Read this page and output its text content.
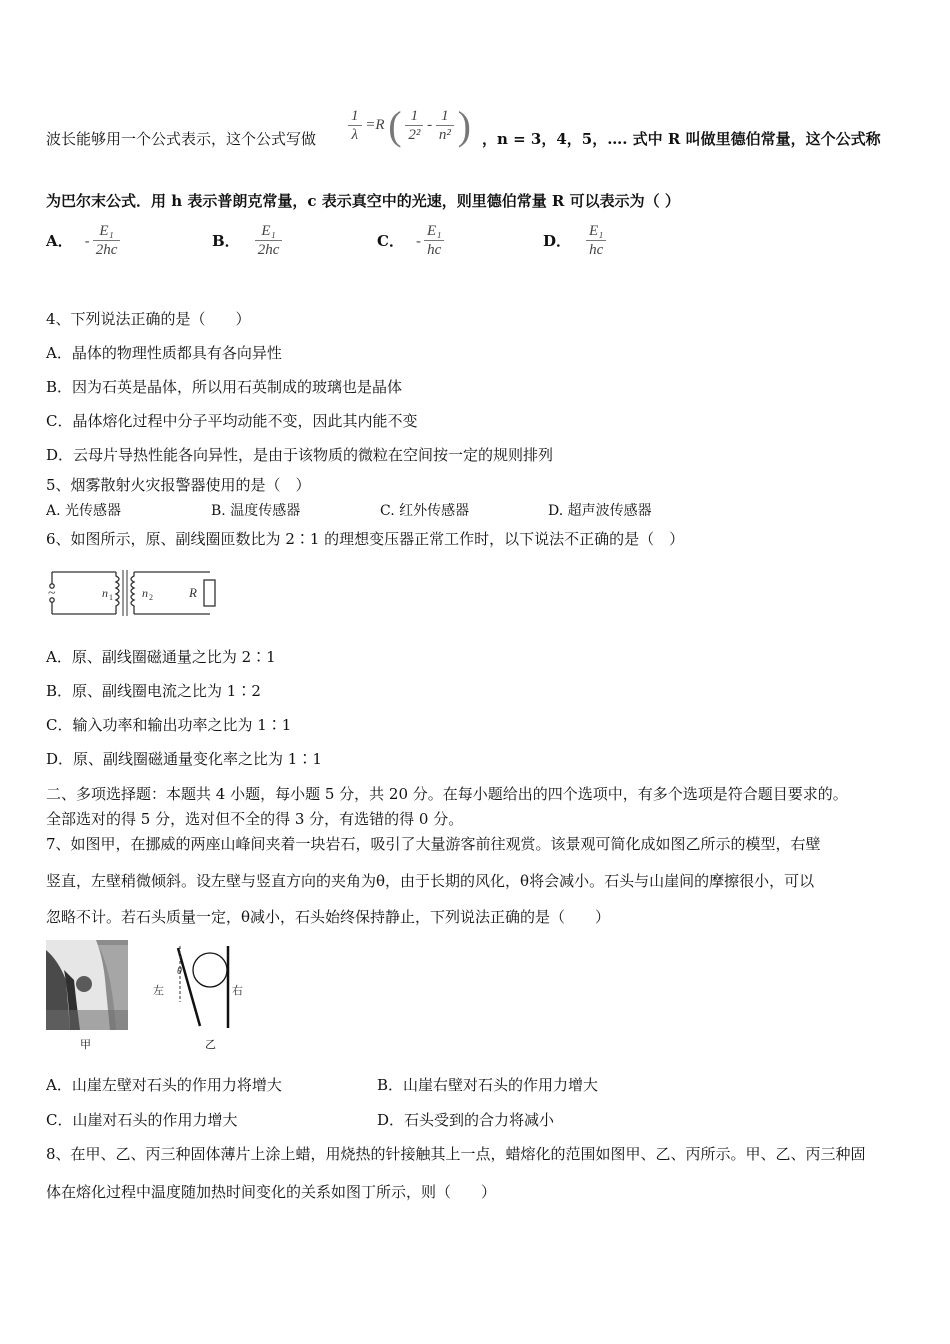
波长能够用一个公式表示，这个公式写做 $\frac{1}{\lambda} =R$ ( $\frac{1}{\text{2²}} - \frac{1}{\text{n²}}$ ) ，n = 3，4，5，…. 式中 R 叫做里德伯常量，这个公式称
为巴尔末公式．用 h 表示普朗克常量，c 表示真空中的光速，则里德伯常量 R 可以表示为（ ）
A． - $\frac{\text{E₁}}{2hc}$	B． $\frac{\text{E₁}}{2hc}$	C． - $\frac{\text{E₁}}{hc}$	D． $\frac{\text{E₁}}{hc}$
4、下列说法正确的是（　　）
A．晶体的物理性质都具有各向异性
B．因为石英是晶体，所以用石英制成的玻璃也是晶体
C．晶体熔化过程中分子平均动能不变，因此其内能不变
D．云母片导热性能各向异性，是由于该物质的微粒在空间按一定的规则排列
5、烟雾散射火灾报警器使用的是（　）
A. 光传感器	B. 温度传感器	C. 红外传感器	D. 超声波传感器
6、如图所示，原、副线圈匝数比为 2∶1 的理想变压器正常工作时，以下说法不正确的是（　）
~	n 1 n 2	R
A．原、副线圈磁通量之比为 2∶1
B．原、副线圈电流之比为 1∶2
C．输入功率和输出功率之比为 1∶1
D．原、副线圈磁通量变化率之比为 1∶1
二、多项选择题：本题共 4 小题，每小题 5 分，共 20 分。在每小题给出的四个选项中，有多个选项是符合题目要求的。
全部选对的得 5 分，选对但不全的得 3 分，有选错的得 0 分。
7、如图甲，在挪威的两座山峰间夹着一块岩石，吸引了大量游客前往观赏。该景观可简化成如图乙所示的模型，右壁
竖直，左壁稍微倾斜。设左壁与竖直方向的夹角为θ，由于长期的风化，θ将会减小。石头与山崖间的摩擦很小，可以
忽略不计。若石头质量一定，θ减小，石头始终保持静止，下列说法正确的是（　　）
甲
θ
左	右
乙
A．山崖左壁对石头的作用力将增大	B．山崖右壁对石头的作用力增大
C．山崖对石头的作用力增大	D．石头受到的合力将减小
8、在甲、乙、丙三种固体薄片上涂上蜡，用烧热的针接触其上一点，蜡熔化的范围如图甲、乙、丙所示。甲、乙、丙三种固
体在熔化过程中温度随加热时间变化的关系如图丁所示，则（　　）
